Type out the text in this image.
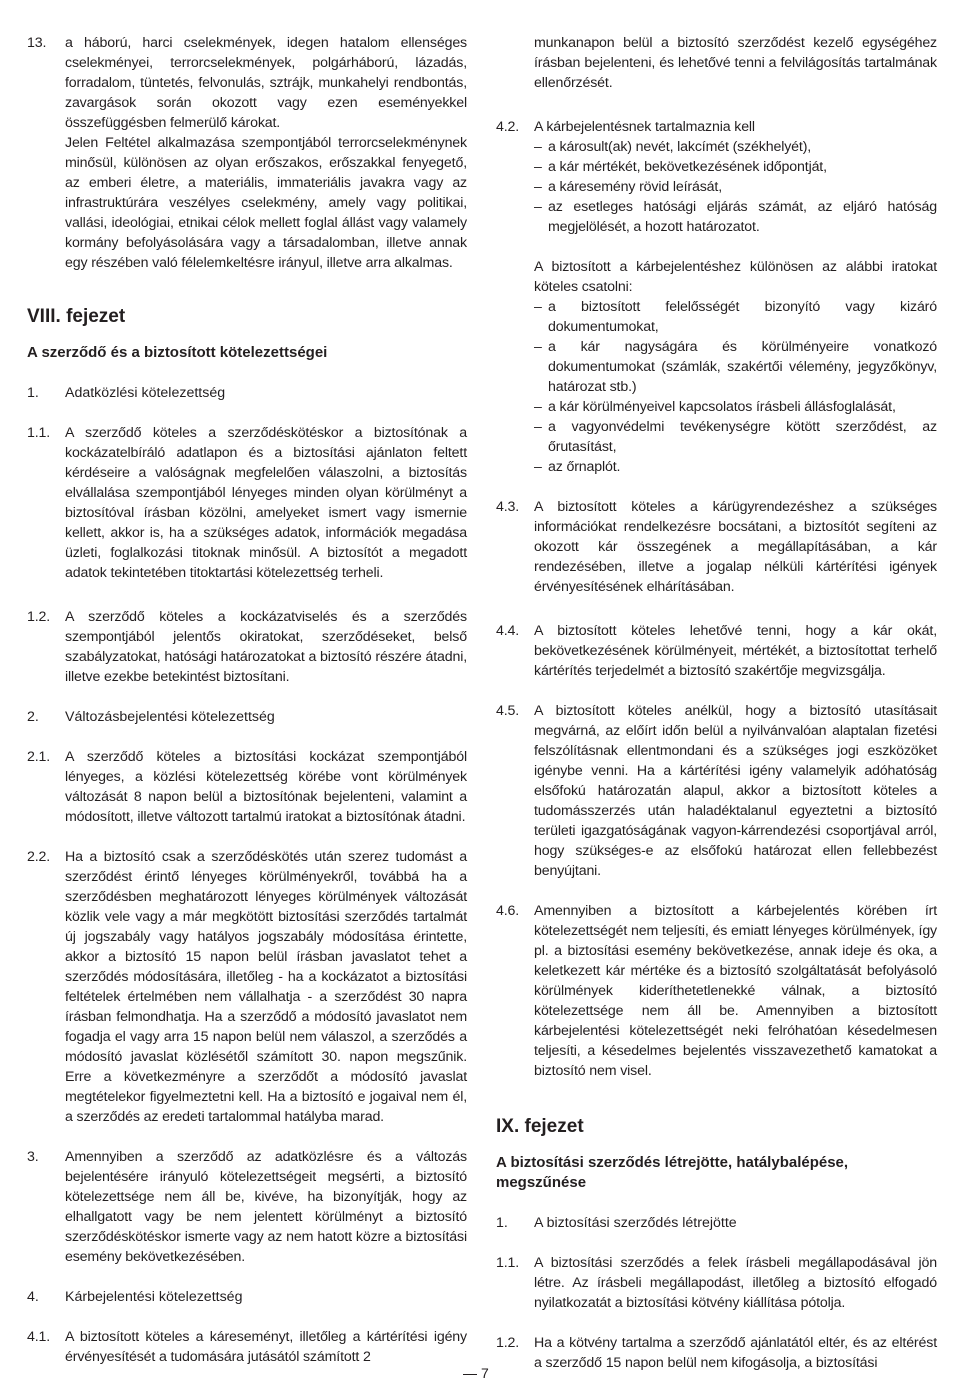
13.	a háború, harci cselekmények, idegen hatalom ellenséges cselekményei, terrorcselekmények, polgárháború, lázadás, forradalom, tüntetés, felvonulás, sztrájk, munkahelyi rendbontás, zavargások során okozott vagy ezen eseményekkel összefüggésben felmerülő károkat.

Jelen Feltétel alkalmazása szempontjából terrorcselekménynek minősül, különösen az olyan erőszakos, erőszakkal fenyegető, az emberi életre, a materiális, immateriális javakra vagy az infrastruktúrára veszélyes cselekmény, amely vagy politikai, vallási, ideológiai, etnikai célok mellett foglal állást vagy valamely kormány befolyásolására vagy a társadalomban, illetve annak egy részében való félelemkeltésre irányul, illetve arra alkalmas.

VIII. fejezet
A szerződő és a biztosított kötelezettségei
1.	Adatközlési kötelezettség
1.1.	A szerződő köteles a szerződéskötéskor a biztosítónak a kockázatelbíráló adatlapon és a biztosítási ajánlaton feltett kérdéseire a valóságnak megfelelően válaszolni, a biztosítás elvállalása szempontjából lényeges minden olyan körülményt a biztosítóval írásban közölni, amelyeket ismert vagy ismernie kellett, akkor is, ha a szükséges adatok, információk megadása üzleti, foglalkozási titoknak minősül. A biztosítót a megadott adatok tekintetében titoktartási kötelezettség terheli.

1.2.	A szerződő köteles a kockázatviselés és a szerződés szempontjából jelentős okiratokat, szerződéseket, belső szabályzatokat, hatósági határozatokat a biztosító részére átadni, illetve ezekbe betekintést biztosítani.

2.	Változásbejelentési kötelezettség
2.1.	A szerződő köteles a biztosítási kockázat szempontjából lényeges, a közlési kötelezettség körébe vont körülmények változását 8 napon belül a biztosítónak bejelenteni, valamint a módosított, illetve változott tartalmú iratokat a biztosítónak átadni.

2.2.	Ha a biztosító csak a szerződéskötés után szerez tudomást a szerződést érintő lényeges körülményekről, továbbá ha a szerződésben meghatározott lényeges körülmények változását közlik vele vagy a már megkötött biztosítási szerződés tartalmát új jogszabály vagy hatályos jogszabály módosítása érintette, akkor a biztosító 15 napon belül írásban javaslatot tehet a szerződés módosítására, illetőleg - ha a kockázatot a biztosítási feltételek értelmében nem vállalhatja - a szerződést 30 napra írásban felmondhatja. Ha a szerződő a módosító javaslatot nem fogadja el vagy arra 15 napon belül nem válaszol, a szerződés a módosító javaslat közlésétől számított 30. napon megszűnik. Erre a következményre a szerződőt a módosító javaslat megtételekor figyelmeztetni kell. Ha a biztosító e jogaival nem él, a szerződés az eredeti tartalommal hatályba marad.

3.	Amennyiben a szerződő az adatközlésre és a változás bejelentésére irányuló kötelezettségeit megsérti, a biztosító kötelezettsége nem áll be, kivéve, ha bizonyítják, hogy az elhallgatott vagy be nem jelentett körülményt a biztosító szerződéskötéskor ismerte vagy az nem hatott közre a biztosítási esemény bekövetkezésében.

4.	Kárbejelentési kötelezettség
4.1.	A biztosított köteles a káreseményt, illetőleg a kártérítési igény érvényesítését a tudomására jutásától számított 2

munkanapon belül a biztosító szerződést kezelő egységéhez írásban bejelenteni, és lehetővé tenni a felvilágosítás tartalmának ellenőrzését.

4.2.	A kárbejelentésnek tartalmaznia kell

– a károsult(ak) nevét, lakcímét (székhelyét),
– a kár mértékét, bekövetkezésének időpontját,
– a káresemény rövid leírását,
– az esetleges hatósági eljárás számát, az eljáró hatóság megjelölését, a hozott határozatot.

A biztosított a kárbejelentéshez különösen az alábbi iratokat köteles csatolni:

– a biztosított felelősségét bizonyító vagy kizáró dokumentumokat,
– a kár nagyságára és körülményeire vonatkozó dokumentumokat (számlák, szakértői vélemény, jegyzőkönyv, határozat stb.)
– a kár körülményeivel kapcsolatos írásbeli állásfoglalását,
– a vagyonvédelmi tevékenységre kötött szerződést, az őrutasítást,
– az őrnaplót.
4.3.	A biztosított köteles a kárügyrendezéshez a szükséges információkat rendelkezésre bocsátani, a biztosítót segíteni az okozott kár összegének a megállapításában, a kár rendezésében, illetve a jogalap nélküli kártérítési igények érvényesítésének elhárításában.

4.4.	A biztosított köteles lehetővé tenni, hogy a kár okát, bekövetkezésének körülményeit, mértékét, a biztosítottat terhelő kártérítés terjedelmét a biztosító szakértője megvizsgálja.

4.5.	A biztosított köteles anélkül, hogy a biztosító utasításait megvárná, az előírt időn belül a nyilvánvalóan alaptalan fizetési felszólításnak ellentmondani és a szükséges jogi eszközöket igénybe venni. Ha a kártérítési igény valamelyik adóhatóság elsőfokú határozatán alapul, akkor a biztosított köteles a tudomásszerzés után haladéktalanul egyeztetni a biztosító területi igazgatóságának vagyon-kárrendezési csoportjával arról, hogy szükséges-e az elsőfokú határozat ellen fellebbezést benyújtani.

4.6.	Amennyiben a biztosított a kárbejelentés körében írt kötelezettségét nem teljesíti, és emiatt lényeges körülmények, így pl. a biztosítási esemény bekövetkezése, annak ideje és oka, a keletkezett kár mértéke és a biztosító szolgáltatását befolyásoló körülmények kideríthetetlenekké válnak, a biztosító kötelezettsége nem áll be. Amennyiben a biztosított kárbejelentési kötelezettségét neki felróhatóan késedelmesen teljesíti, a késedelmes bejelentés visszavezethető kamatokat a biztosító nem visel.

IX. fejezet
A biztosítási szerződés létrejötte, hatálybalépése, megszűnése
1.	A biztosítási szerződés létrejötte
1.1.	A biztosítási szerződés a felek írásbeli megállapodásával jön létre. Az írásbeli megállapodást, illetőleg a biztosító elfogadó nyilatkozatát a biztosítási kötvény kiállítása pótolja.

1.2.	Ha a kötvény tartalma a szerződő ajánlatától eltér, és az eltérést a szerződő 15 napon belül nem kifogásolja, a biztosítási

7
